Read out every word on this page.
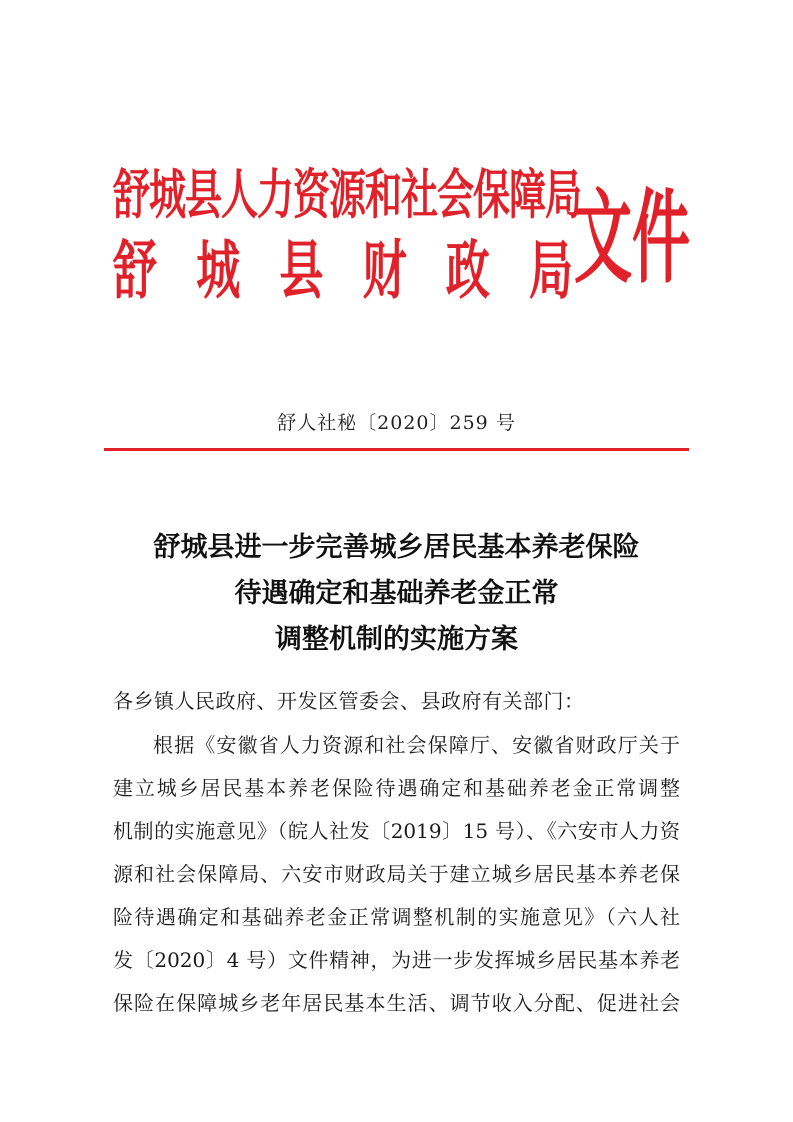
舒城县人力资源和社会保障局
舒 城 县 财 政 局 文件
舒人社秘〔2020〕259 号
舒城县进一步完善城乡居民基本养老保险
待遇确定和基础养老金正常
调整机制的实施方案
各乡镇人民政府、开发区管委会、县政府有关部门：
根据《安徽省人力资源和社会保障厅、安徽省财政厅关于
建立城乡居民基本养老保险待遇确定和基础养老金正常调整
机制的实施意见》（皖人社发〔2019〕15 号）、《六安市人力资
源和社会保障局、六安市财政局关于建立城乡居民基本养老保
险待遇确定和基础养老金正常调整机制的实施意见》（六人社
发〔2020〕4 号）文件精神，为进一步发挥城乡居民基本养老
保险在保障城乡老年居民基本生活、调节收入分配、促进社会
